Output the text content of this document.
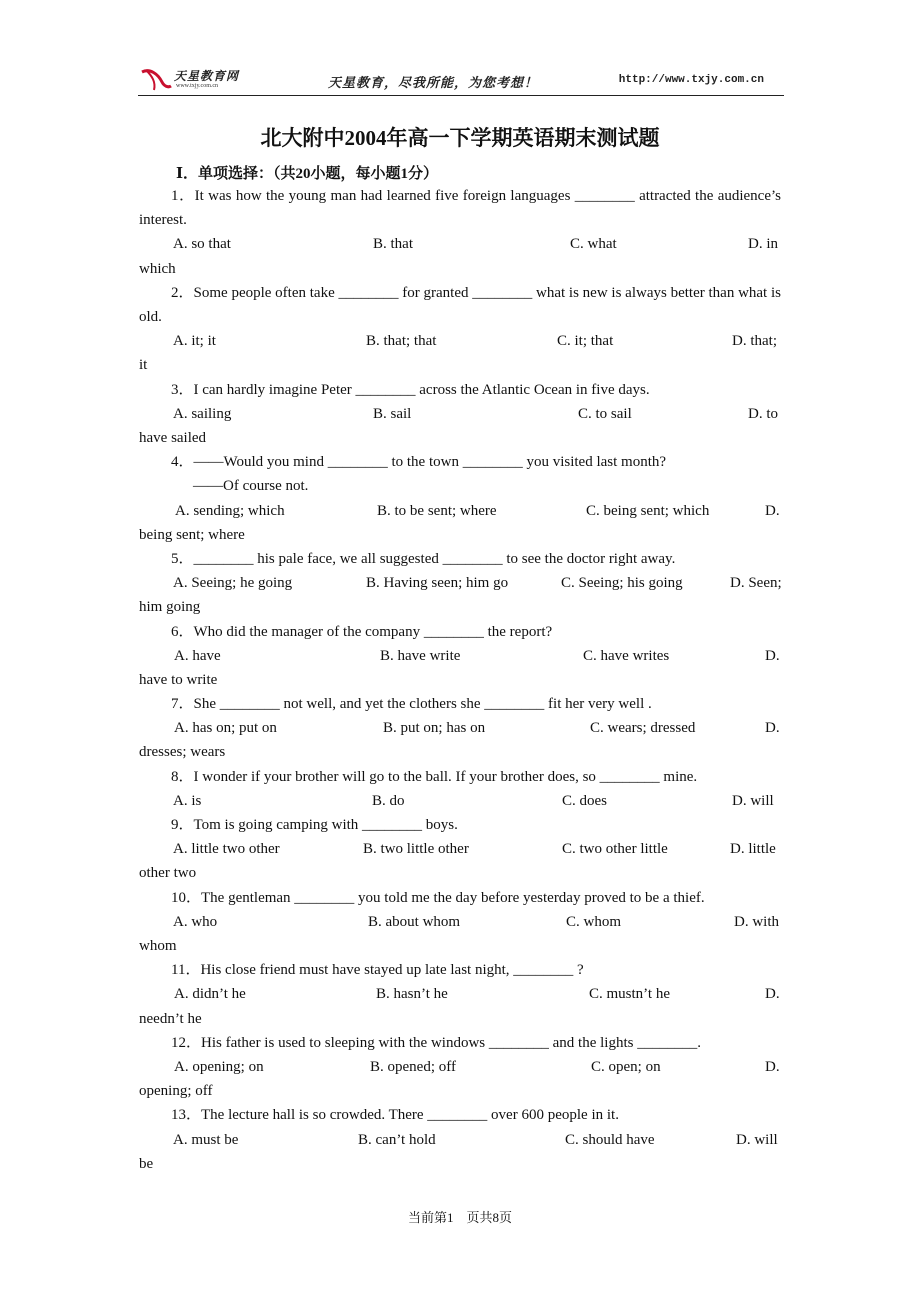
天星教育网
www.txjy.com.cn	天星教育，尽我所能，为您考想！	http://www.txjy.com.cn
北大附中2004年高一下学期英语期末测试题
Ⅰ．单项选择：（共20小题，每小题1分）

1．It was how the young man had learned five foreign languages ________ attracted the audience’s interest.

A. so that	B. that	C. what	D. in
which

2．Some people often take ________ for granted ________ what is new is always better than what is old.

A. it; it	B. that; that	C. it; that	D. that;
it

3．I can hardly imagine Peter ________ across the Atlantic Ocean in five days.

A. sailing	B. sail	C. to sail	D. to
have sailed

4．——Would you mind ________ to the town ________ you visited last month?

——Of course not.

A. sending; which	B. to be sent; where	C. being sent; which	D.
being sent; where

5．________ his pale face, we all suggested ________ to see the doctor right away.

A. Seeing; he going	B. Having seen; him go	C. Seeing; his going	D. Seen;
him going

6．Who did the manager of the company ________ the report?

A. have	B. have write	C. have writes	D.
have to write

7．She ________ not well, and yet the clothers she ________ fit her very well .

A. has on; put on	B. put on; has on	C. wears; dressed	D.
dresses; wears

8．I wonder if your brother will go to the ball. If your brother does, so ________ mine.

A. is	B. do	C. does	D. will

9．Tom is going camping with ________ boys.

A. little two other	B. two little other	C. two other little	D. little
other two

10．The gentleman ________ you told me the day before yesterday proved to be a thief.

A. who	B. about whom	C. whom	D. with
whom

11．His close friend must have stayed up late last night, ________ ?

A. didn’t he	B. hasn’t he	C. mustn’t he	D.
needn’t he

12．His father is used to sleeping with the windows ________ and the lights ________.

A. opening; on	B. opened; off	C. open; on	D.
opening; off

13．The lecture hall is so crowded. There ________ over 600 people in it.

A. must be	B. can’t hold	C. should have	D. will
be
当前第1　页共8页
